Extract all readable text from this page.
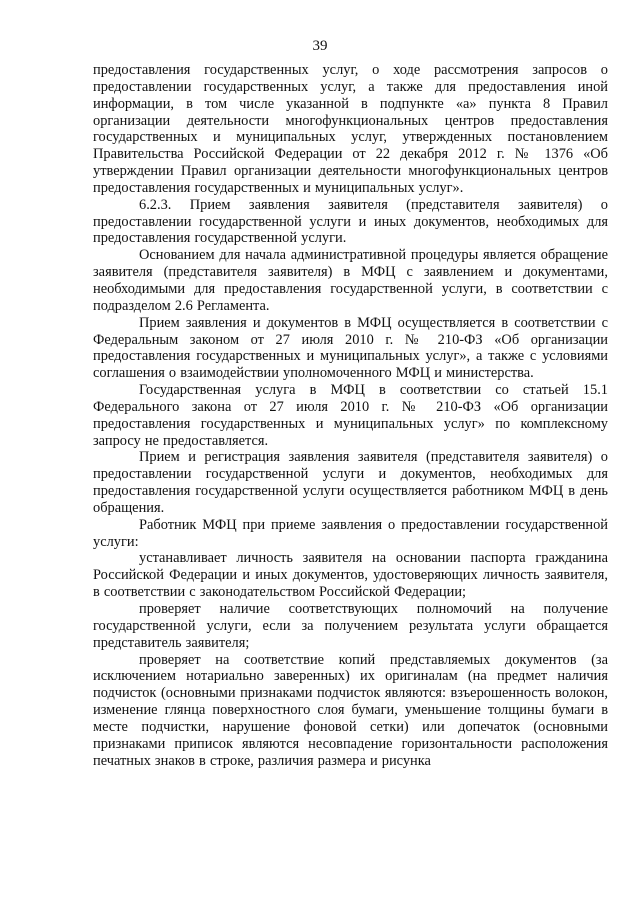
39

предоставления государственных услуг, о ходе рассмотрения запросов о предоставлении государственных услуг, а также для предоставления иной информации, в том числе указанной в подпункте «а» пункта 8 Правил организации деятельности многофункциональных центров предоставления государственных и муниципальных услуг, утвержденных постановлением Правительства Российской Федерации от 22 декабря 2012 г. № 1376 «Об утверждении Правил организации деятельности многофункциональных центров предоставления государственных и муниципальных услуг».

6.2.3. Прием заявления заявителя (представителя заявителя) о предоставлении государственной услуги и иных документов, необходимых для предоставления государственной услуги.

Основанием для начала административной процедуры является обращение заявителя (представителя заявителя) в МФЦ с заявлением и документами, необходимыми для предоставления государственной услуги, в соответствии с подразделом 2.6 Регламента.

Прием заявления и документов в МФЦ осуществляется в соответствии с Федеральным законом от 27 июля 2010 г. № 210-ФЗ «Об организации предоставления государственных и муниципальных услуг», а также с условиями соглашения о взаимодействии уполномоченного МФЦ и министерства.

Государственная услуга в МФЦ в соответствии со статьей 15.1 Федерального закона от 27 июля 2010 г. № 210-ФЗ «Об организации предоставления государственных и муниципальных услуг» по комплексному запросу не предоставляется.

Прием и регистрация заявления заявителя (представителя заявителя) о предоставлении государственной услуги и документов, необходимых для предоставления государственной услуги осуществляется работником МФЦ в день обращения.

Работник МФЦ при приеме заявления о предоставлении государственной услуги:

устанавливает личность заявителя на основании паспорта гражданина Российской Федерации и иных документов, удостоверяющих личность заявителя, в соответствии с законодательством Российской Федерации;

проверяет наличие соответствующих полномочий на получение государственной услуги, если за получением результата услуги обращается представитель заявителя;

проверяет на соответствие копий представляемых документов (за исключением нотариально заверенных) их оригиналам (на предмет наличия подчисток (основными признаками подчисток являются: взъерошенность волокон, изменение глянца поверхностного слоя бумаги, уменьшение толщины бумаги в месте подчистки, нарушение фоновой сетки) или допечаток (основными признаками приписок являются несовпадение горизонтальности расположения печатных знаков в строке, различия размера и рисунка
